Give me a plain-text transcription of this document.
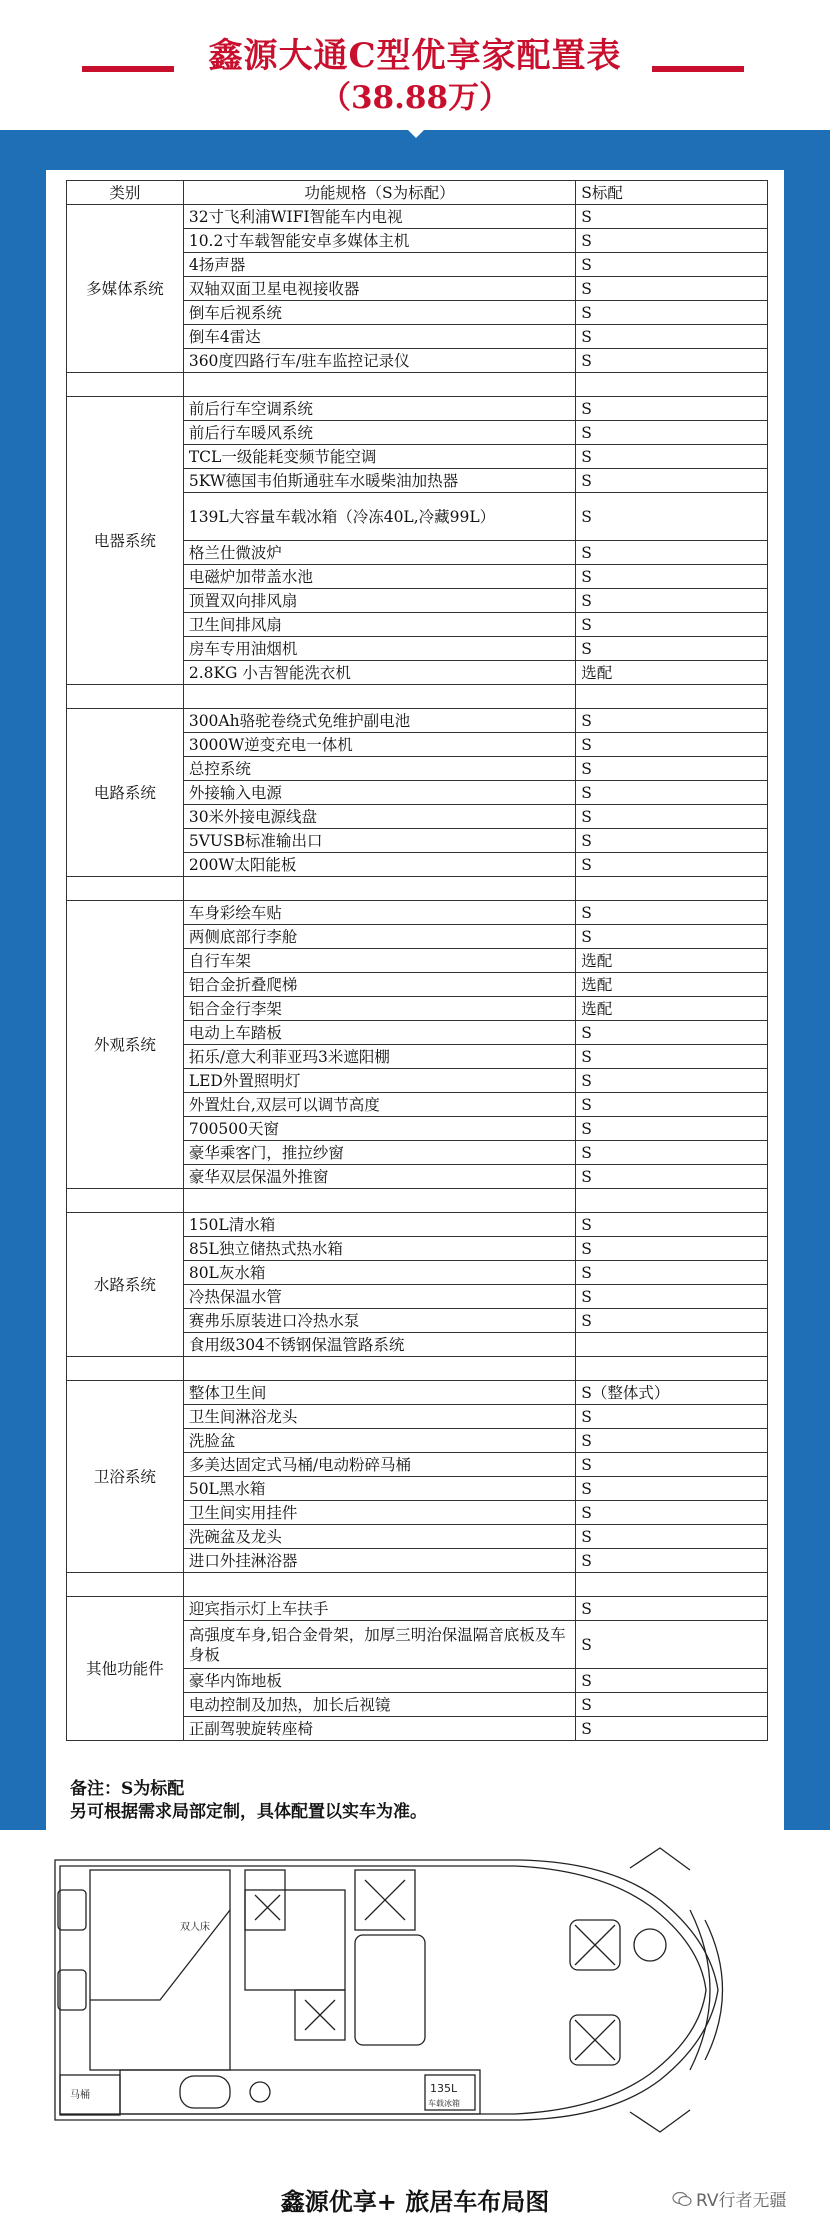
鑫源大通C型优享家配置表
（38.88万）
类别	功能规格（S为标配）	S标配
多媒体系统	32寸飞利浦WIFI智能车内电视	S
	10.2寸车载智能安卓多媒体主机	S
	4扬声器	S
	双轴双面卫星电视接收器	S
	倒车后视系统	S
	倒车4雷达	S
	360度四路行车/驻车监控记录仪	S

电器系统	前后行车空调系统	S
	前后行车暖风系统	S
	TCL一级能耗变频节能空调	S
	5KW德国韦伯斯通驻车水暖柴油加热器	S
	139L大容量车载冰箱（冷冻40L,冷藏99L）	S
	格兰仕微波炉	S
	电磁炉加带盖水池	S
	顶置双向排风扇	S
	卫生间排风扇	S
	房车专用油烟机	S
	2.8KG 小吉智能洗衣机	选配

电路系统	300Ah骆驼卷绕式免维护副电池	S
	3000W逆变充电一体机	S
	总控系统	S
	外接输入电源	S
	30米外接电源线盘	S
	5VUSB标准输出口	S
	200W太阳能板	S

外观系统	车身彩绘车贴	S
	两侧底部行李舱	S
	自行车架	选配
	铝合金折叠爬梯	选配
	铝合金行李架	选配
	电动上车踏板	S
	拓乐/意大利菲亚玛3米遮阳棚	S
	LED外置照明灯	S
	外置灶台,双层可以调节高度	S
	700500天窗	S
	豪华乘客门，推拉纱窗	S
	豪华双层保温外推窗	S

水路系统	150L清水箱	S
	85L独立储热式热水箱	S
	80L灰水箱	S
	冷热保温水管	S
	赛弗乐原装进口冷热水泵	S
	食用级304不锈钢保温管路系统	

卫浴系统	整体卫生间	S（整体式）
	卫生间淋浴龙头	S
	洗脸盆	S
	多美达固定式马桶/电动粉碎马桶	S
	50L黑水箱	S
	卫生间实用挂件	S
	洗碗盆及龙头	S
	进口外挂淋浴器	S

其他功能件	迎宾指示灯上车扶手	S
	高强度车身,铝合金骨架，加厚三明治保温隔音底板及车身板	S
	豪华内饰地板	S
	电动控制及加热，加长后视镜	S
	正副驾驶旋转座椅	S
备注：S为标配
另可根据需求局部定制，具体配置以实车为准。
双人床
马桶
135L
车载冰箱
鑫源优享+ 旅居车布局图	RV行者无疆
